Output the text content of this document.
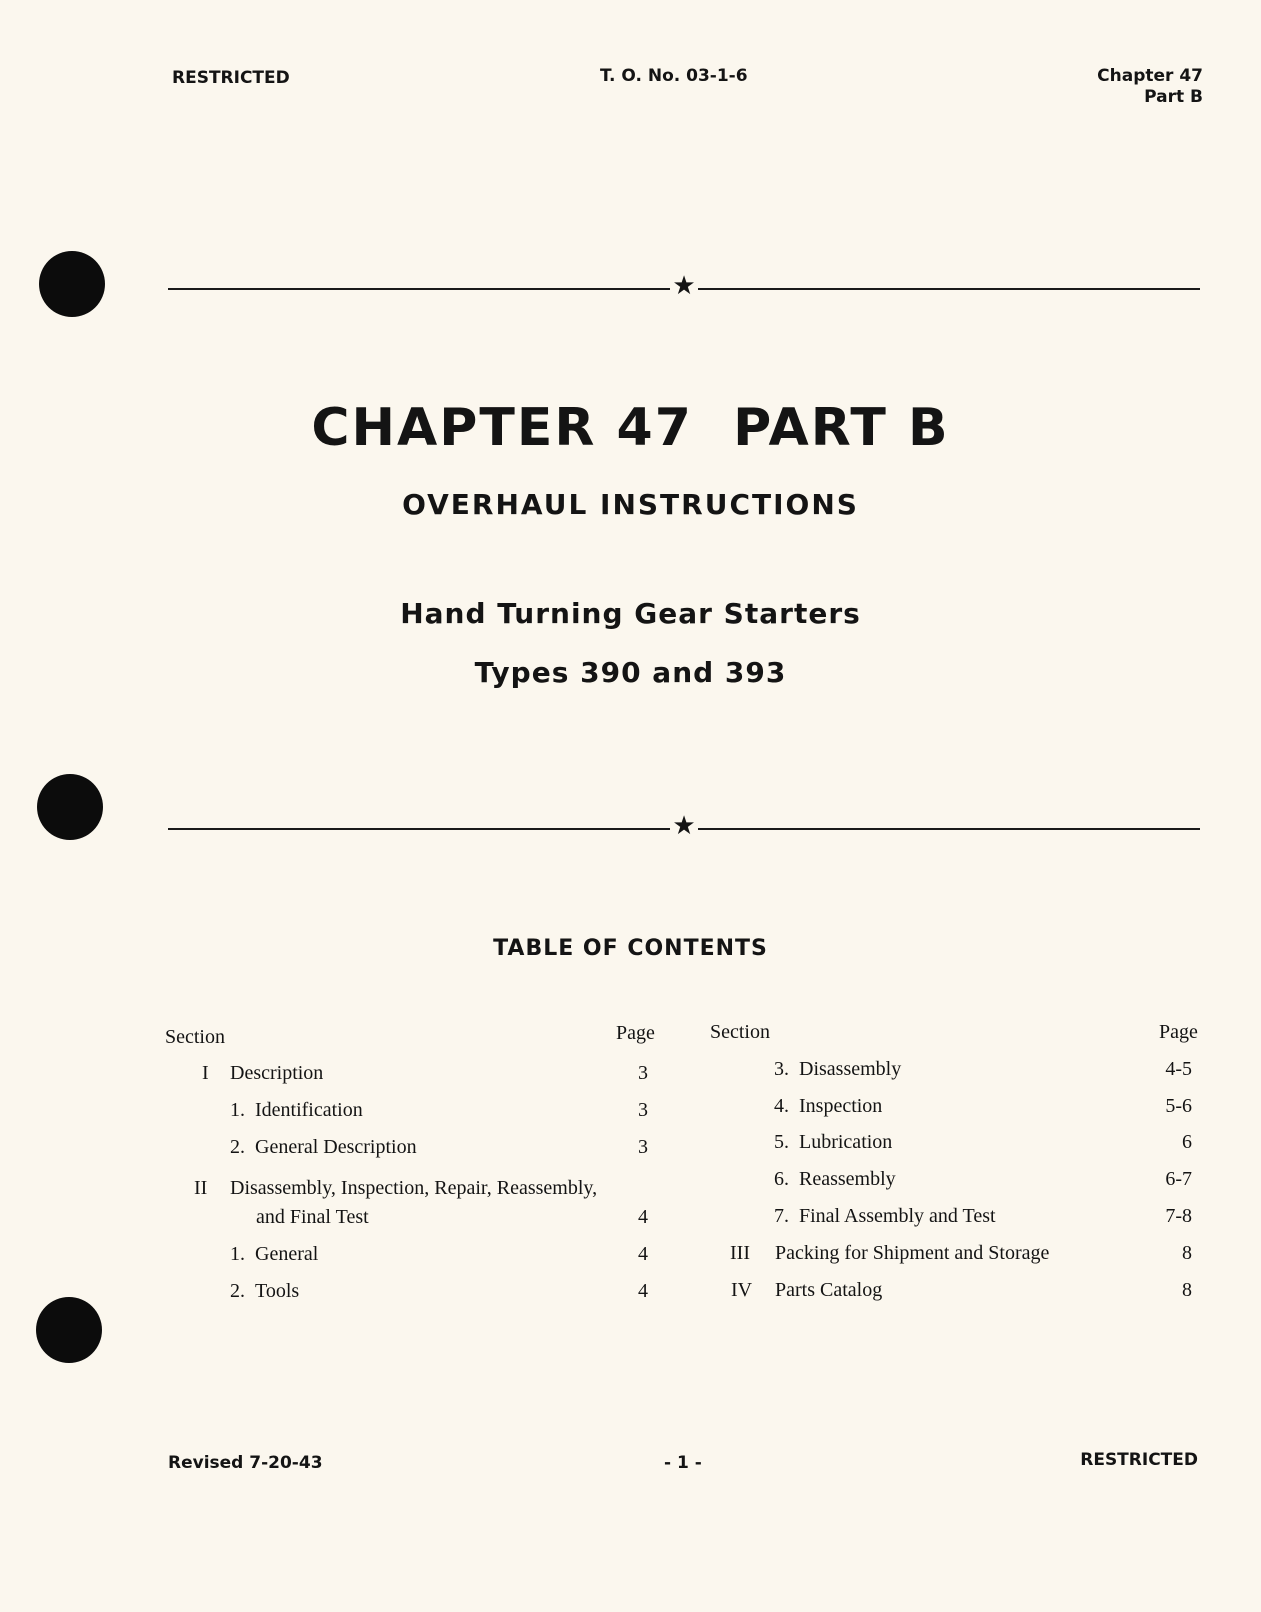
RESTRICTED	T. O. No. 03-1-6	Chapter 47
Part B
★
CHAPTER 47  PART B
OVERHAUL INSTRUCTIONS
Hand Turning Gear Starters
Types 390 and 393
★
TABLE OF CONTENTS
Section	Page
I Description	3
1. Identification	3
2. General Description	3
II Disassembly, Inspection, Repair, Reassembly,
and Final Test	4
1. General	4
2. Tools	4
Section	Page
3. Disassembly	4-5
4. Inspection	5-6
5. Lubrication	6
6. Reassembly	6-7
7. Final Assembly and Test	7-8
III Packing for Shipment and Storage	8
IV Parts Catalog	8
Revised 7-20-43	- 1 -	RESTRICTED
